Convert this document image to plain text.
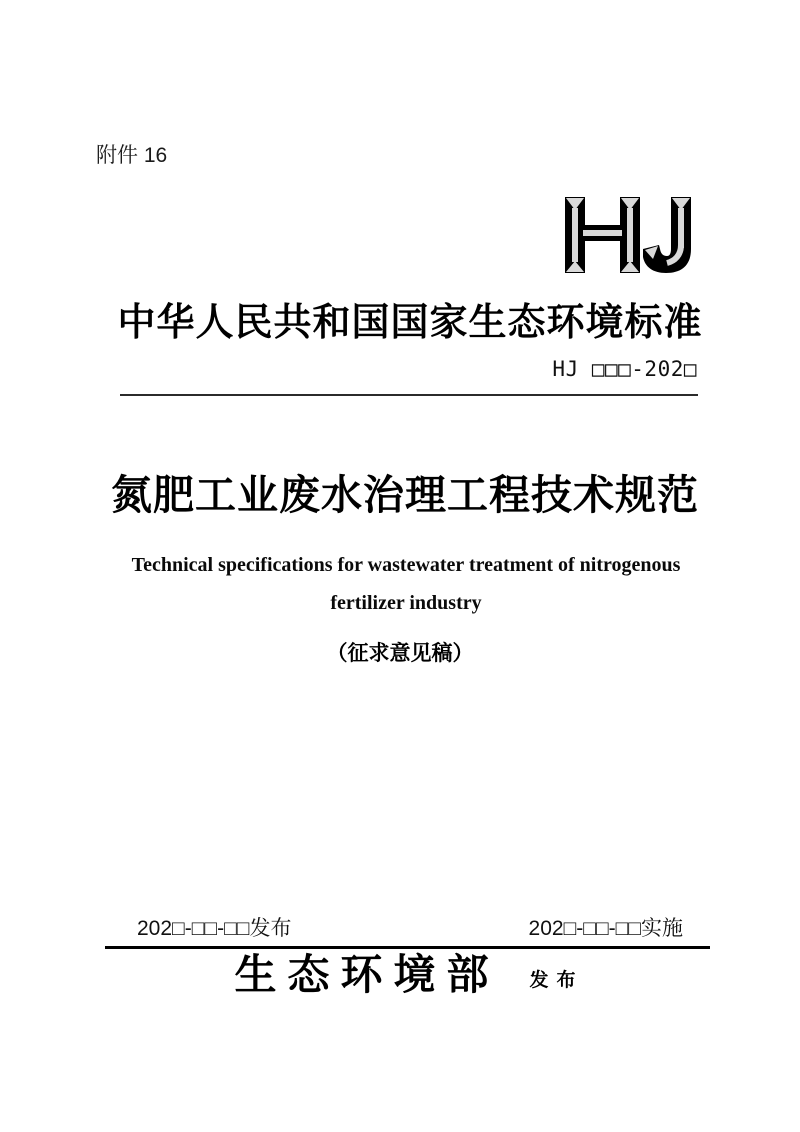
附件 16
中华人民共和国国家生态环境标准
HJ □□□-202□
氮肥工业废水治理工程技术规范
Technical specifications for wastewater treatment of nitrogenous
fertilizer industry
（征求意见稿）
202□-□□-□□发布	202□-□□-□□实施
生态环境部 发布
